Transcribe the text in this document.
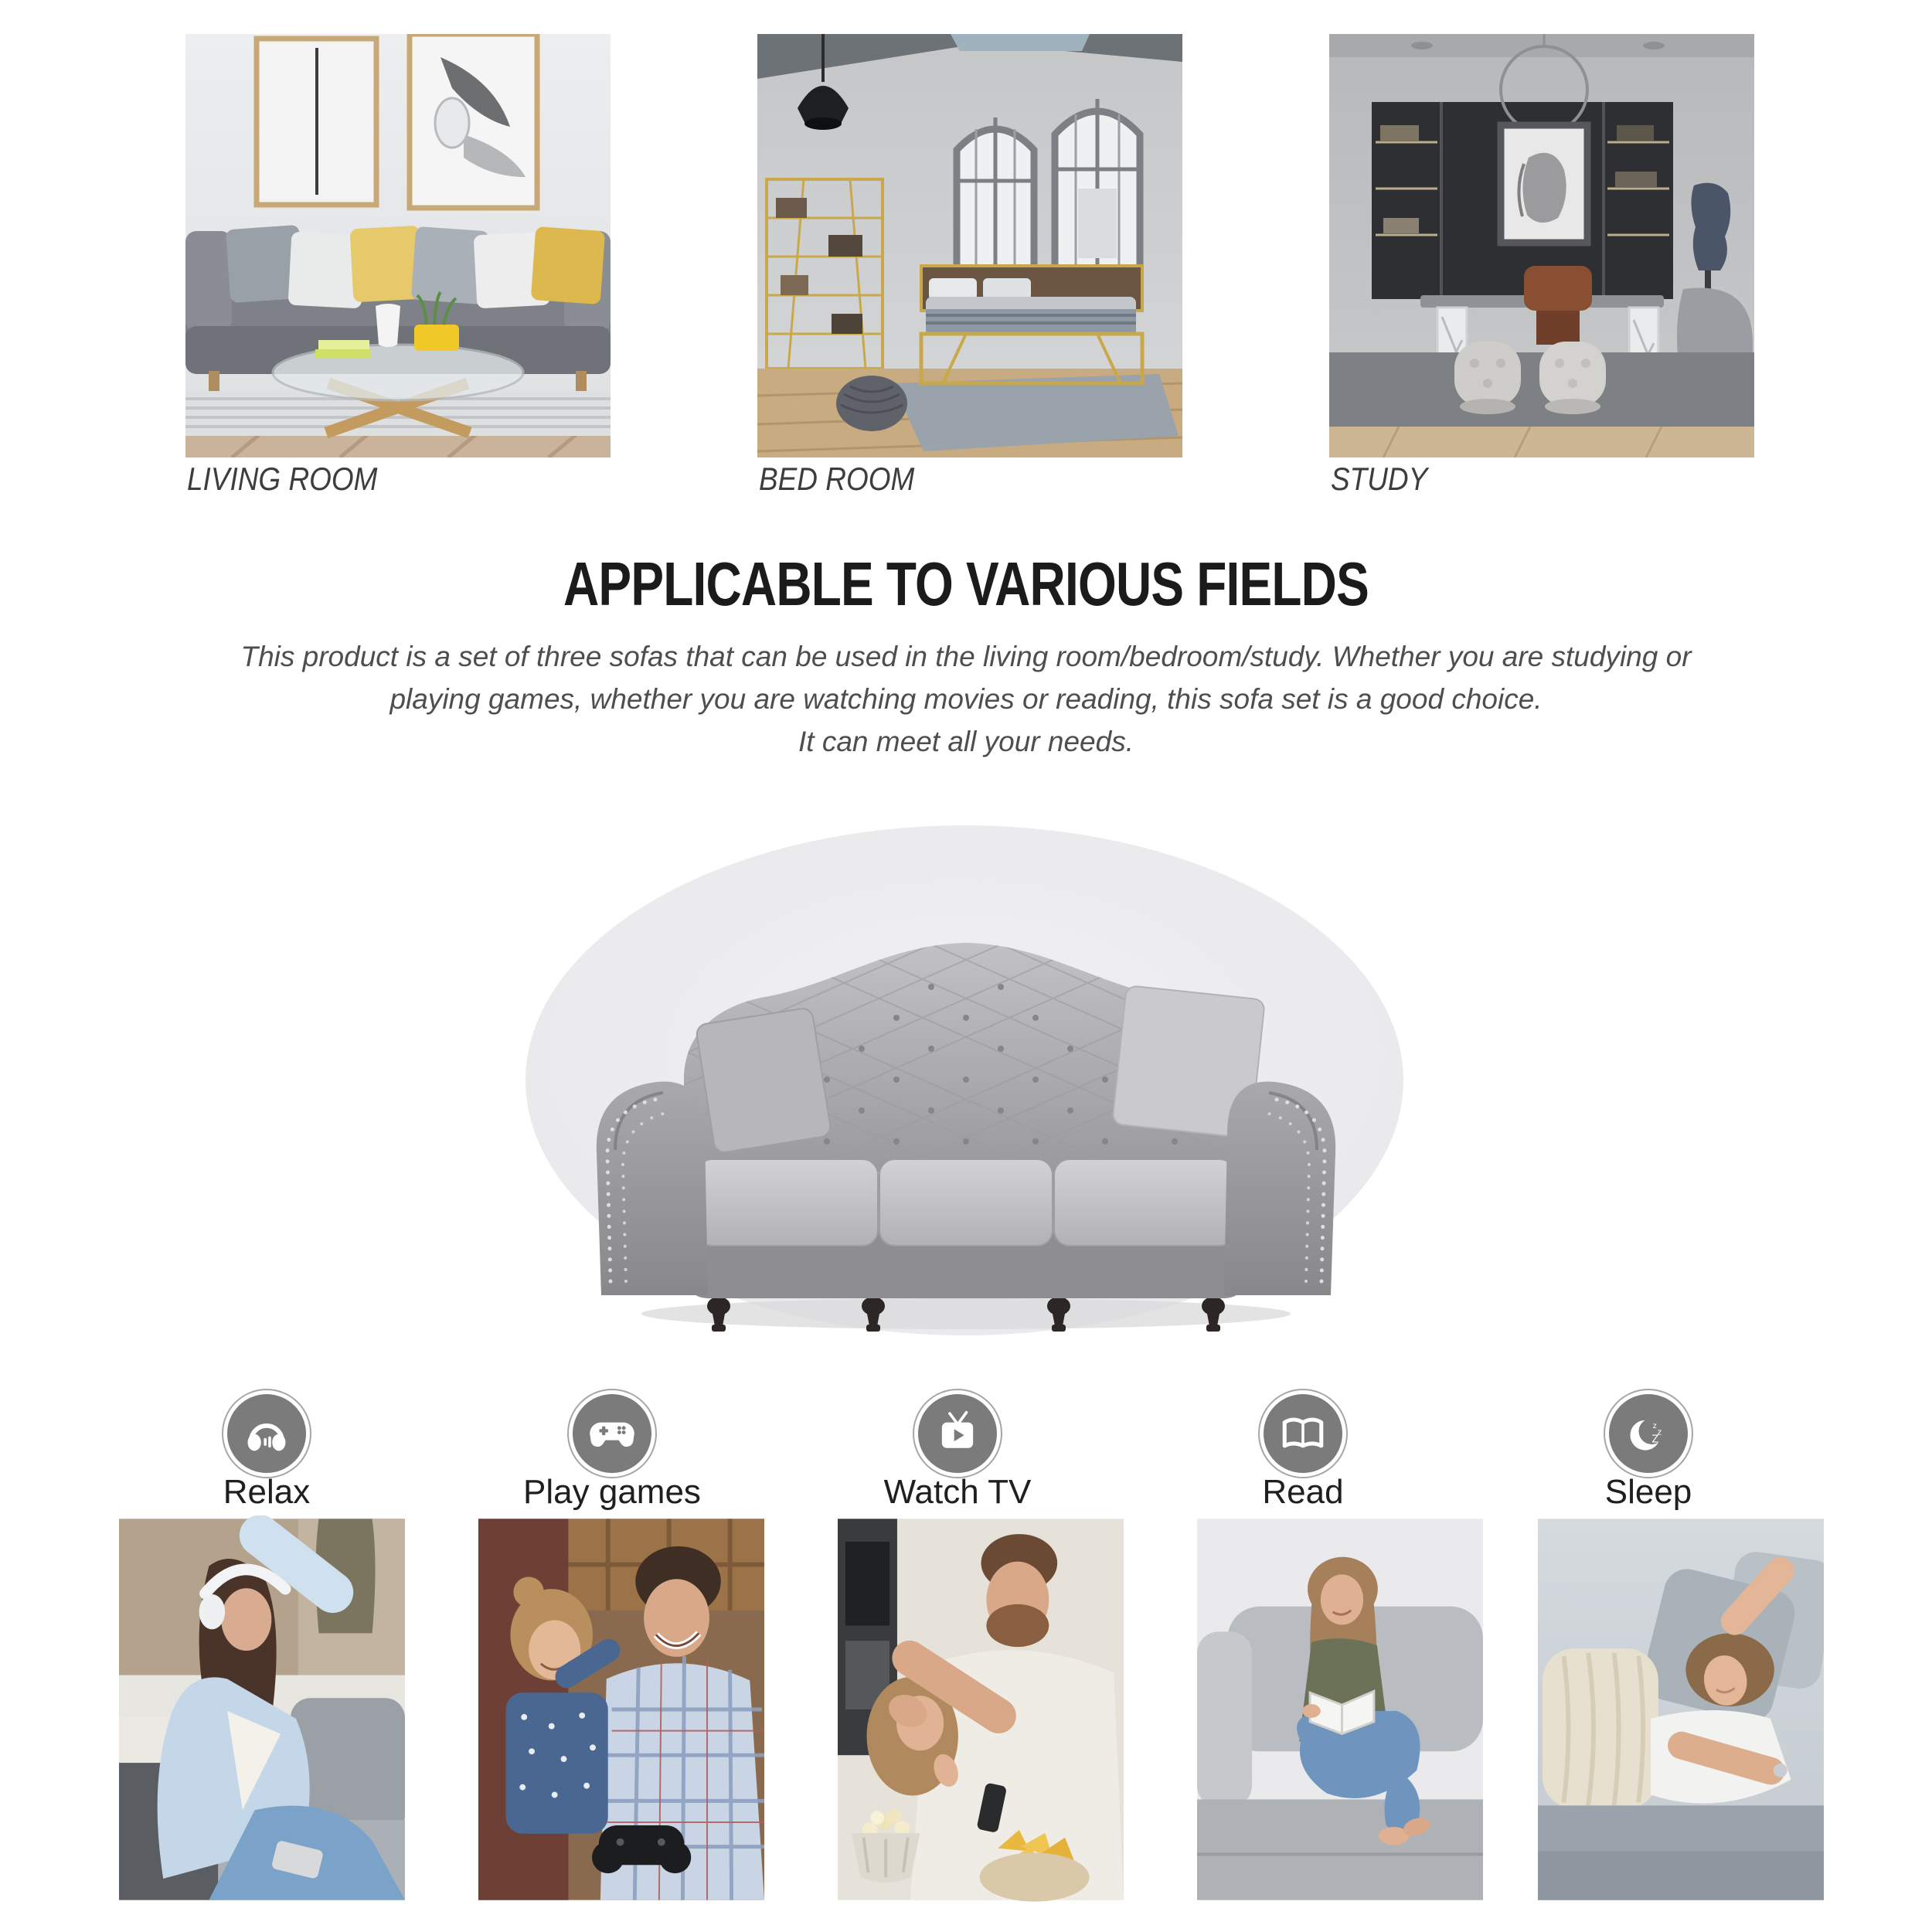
LIVING ROOM	BED ROOM	STUDY
APPLICABLE TO VARIOUS FIELDS
This product is a set of three sofas that can be used in the living room/bedroom/study. Whether you are studying or
playing games, whether you are watching movies or reading, this sofa set is a good choice.
It can meet all your needs.
z
z
Z
Relax	Play games	Watch TV	Read	Sleep
